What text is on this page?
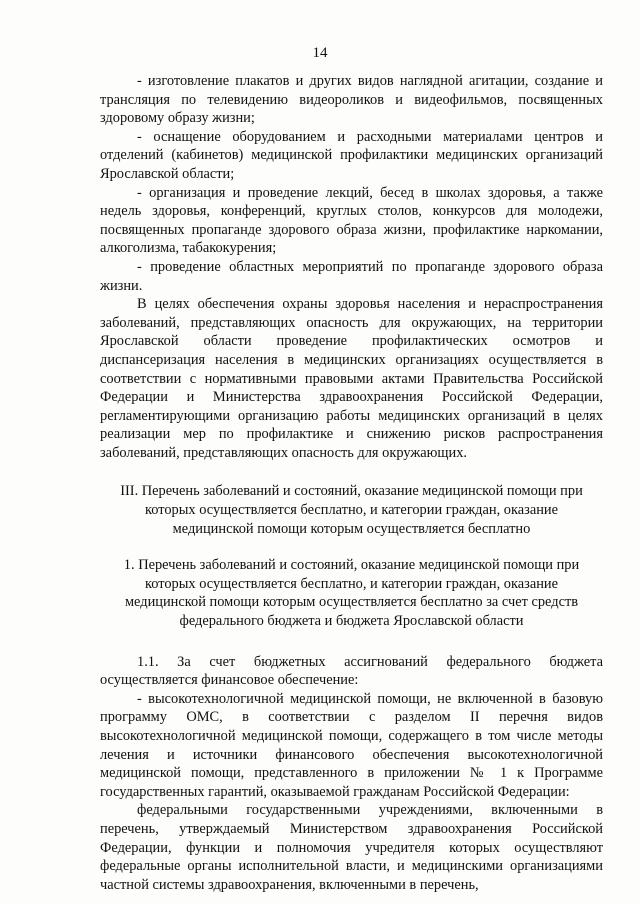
14

- изготовление плакатов и других видов наглядной агитации, создание и трансляция по телевидению видеороликов и видеофильмов, посвященных здоровому образу жизни;

- оснащение оборудованием и расходными материалами центров и отделений (кабинетов) медицинской профилактики медицинских организаций Ярославской области;

- организация и проведение лекций, бесед в школах здоровья, а также недель здоровья, конференций, круглых столов, конкурсов для молодежи, посвященных пропаганде здорового образа жизни, профилактике наркомании, алкоголизма, табакокурения;

- проведение областных мероприятий по пропаганде здорового образа жизни.

В целях обеспечения охраны здоровья населения и нераспространения заболеваний, представляющих опасность для окружающих, на территории Ярославской области проведение профилактических осмотров и диспансеризация населения в медицинских организациях осуществляется в соответствии с нормативными правовыми актами Правительства Российской Федерации и Министерства здравоохранения Российской Федерации, регламентирующими организацию работы медицинских организаций в целях реализации мер по профилактике и снижению рисков распространения заболеваний, представляющих опасность для окружающих.

III. Перечень заболеваний и состояний, оказание медицинской помощи при которых осуществляется бесплатно, и категории граждан, оказание медицинской помощи которым осуществляется бесплатно

1. Перечень заболеваний и состояний, оказание медицинской помощи при которых осуществляется бесплатно, и категории граждан, оказание медицинской помощи которым осуществляется бесплатно за счет средств федерального бюджета и бюджета Ярославской области

1.1. За счет бюджетных ассигнований федерального бюджета осуществляется финансовое обеспечение:

- высокотехнологичной медицинской помощи, не включенной в базовую программу ОМС, в соответствии с разделом II перечня видов высокотехнологичной медицинской помощи, содержащего в том числе методы лечения и источники финансового обеспечения высокотехнологичной медицинской помощи, представленного в приложении № 1 к Программе государственных гарантий, оказываемой гражданам Российской Федерации:

федеральными государственными учреждениями, включенными в перечень, утверждаемый Министерством здравоохранения Российской Федерации, функции и полномочия учредителя которых осуществляют федеральные органы исполнительной власти, и медицинскими организациями частной системы здравоохранения, включенными в перечень,
